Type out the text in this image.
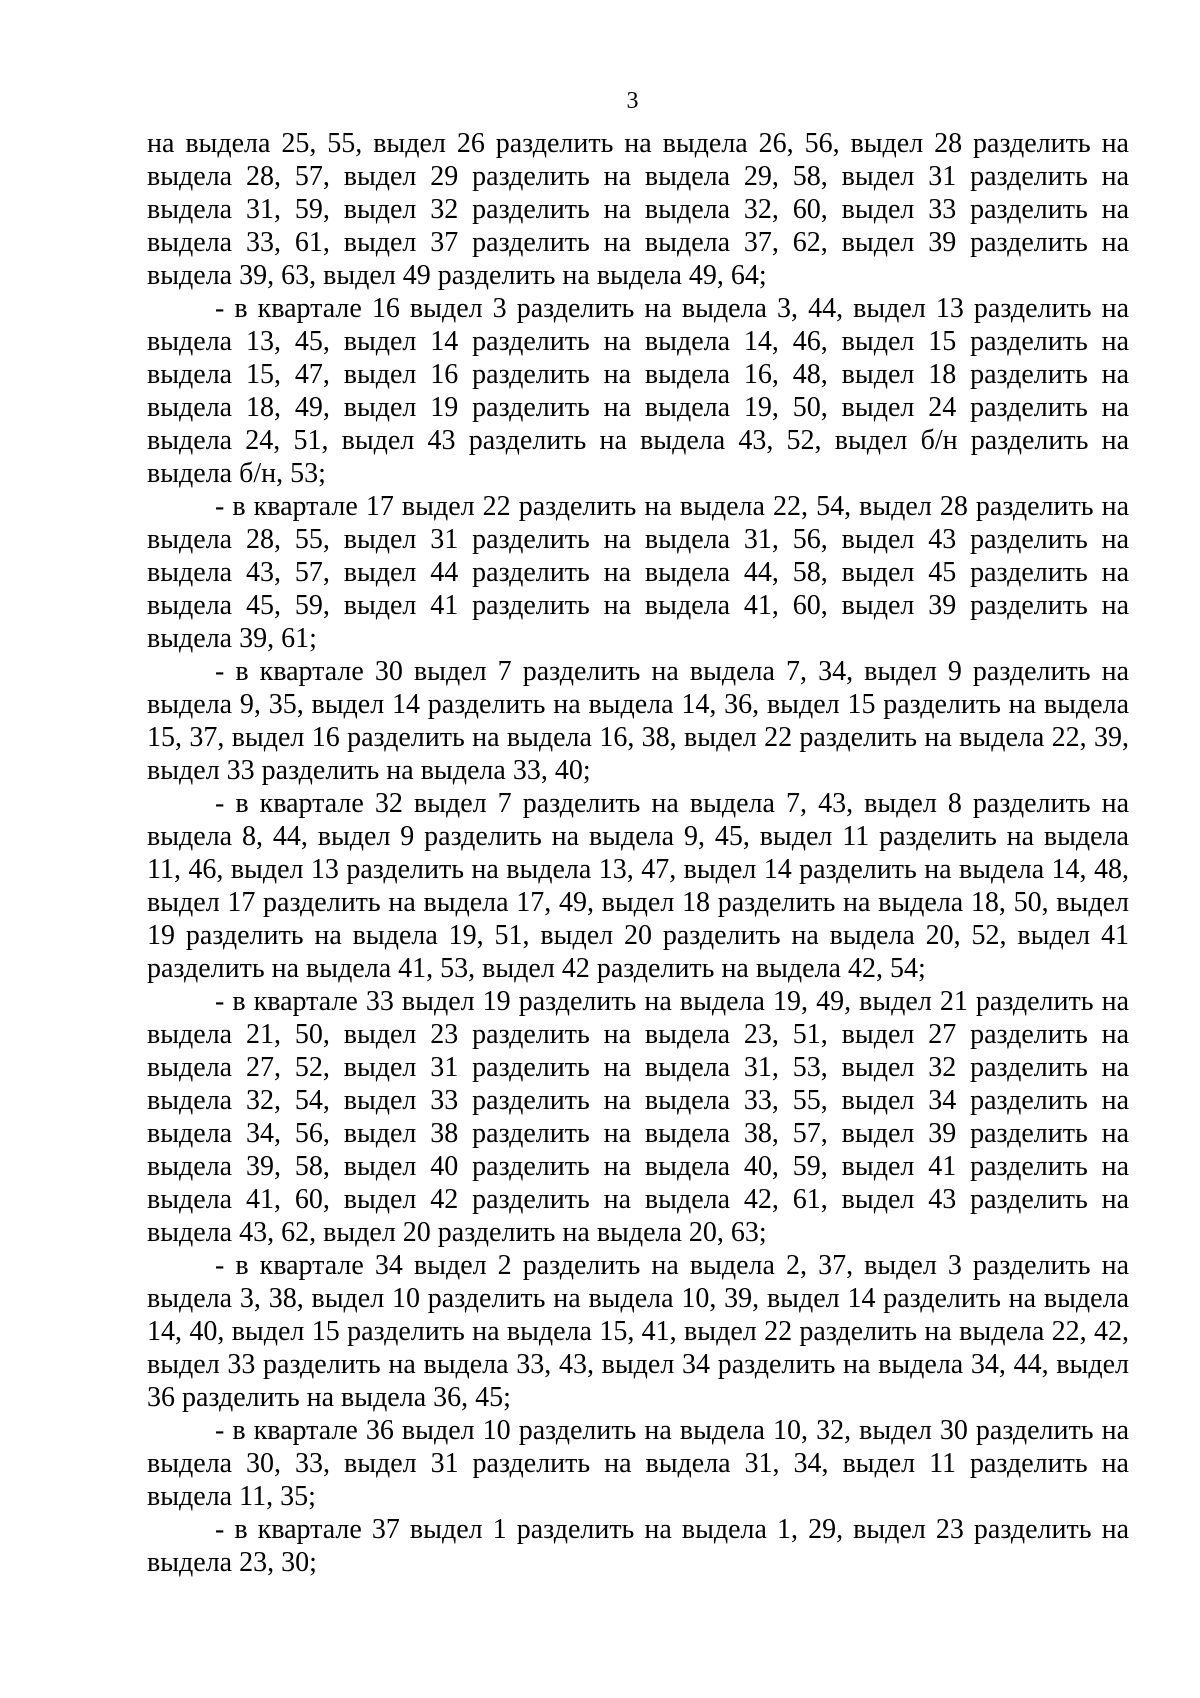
3

на выдела 25, 55, выдел 26 разделить на выдела 26, 56, выдел 28 разделить на выдела 28, 57, выдел 29 разделить на выдела 29, 58, выдел 31 разделить на выдела 31, 59, выдел 32 разделить на выдела 32, 60, выдел 33 разделить на выдела 33, 61, выдел 37 разделить на выдела 37, 62, выдел 39 разделить на выдела 39, 63, выдел 49 разделить на выдела 49, 64;

- в квартале 16 выдел 3 разделить на выдела 3, 44, выдел 13 разделить на выдела 13, 45, выдел 14 разделить на выдела 14, 46, выдел 15 разделить на выдела 15, 47, выдел 16 разделить на выдела 16, 48, выдел 18 разделить на выдела 18, 49, выдел 19 разделить на выдела 19, 50, выдел 24 разделить на выдела 24, 51, выдел 43 разделить на выдела 43, 52, выдел б/н разделить на выдела б/н, 53;

- в квартале 17 выдел 22 разделить на выдела 22, 54, выдел 28 разделить на выдела 28, 55, выдел 31 разделить на выдела 31, 56, выдел 43 разделить на выдела 43, 57, выдел 44 разделить на выдела 44, 58, выдел 45 разделить на выдела 45, 59, выдел 41 разделить на выдела 41, 60, выдел 39 разделить на выдела 39, 61;

- в квартале 30 выдел 7 разделить на выдела 7, 34, выдел 9 разделить на выдела 9, 35, выдел 14 разделить на выдела 14, 36, выдел 15 разделить на выдела 15, 37, выдел 16 разделить на выдела 16, 38, выдел 22 разделить на выдела 22, 39, выдел 33 разделить на выдела 33, 40;

- в квартале 32 выдел 7 разделить на выдела 7, 43, выдел 8 разделить на выдела 8, 44, выдел 9 разделить на выдела 9, 45, выдел 11 разделить на выдела 11, 46, выдел 13 разделить на выдела 13, 47, выдел 14 разделить на выдела 14, 48, выдел 17 разделить на выдела 17, 49, выдел 18 разделить на выдела 18, 50, выдел 19 разделить на выдела 19, 51, выдел 20 разделить на выдела 20, 52, выдел 41 разделить на выдела 41, 53, выдел 42 разделить на выдела 42, 54;

- в квартале 33 выдел 19 разделить на выдела 19, 49, выдел 21 разделить на выдела 21, 50, выдел 23 разделить на выдела 23, 51, выдел 27 разделить на выдела 27, 52, выдел 31 разделить на выдела 31, 53, выдел 32 разделить на выдела 32, 54, выдел 33 разделить на выдела 33, 55, выдел 34 разделить на выдела 34, 56, выдел 38 разделить на выдела 38, 57, выдел 39 разделить на выдела 39, 58, выдел 40 разделить на выдела 40, 59, выдел 41 разделить на выдела 41, 60, выдел 42 разделить на выдела 42, 61, выдел 43 разделить на выдела 43, 62, выдел 20 разделить на выдела 20, 63;

- в квартале 34 выдел 2 разделить на выдела 2, 37, выдел 3 разделить на выдела 3, 38, выдел 10 разделить на выдела 10, 39, выдел 14 разделить на выдела 14, 40, выдел 15 разделить на выдела 15, 41, выдел 22 разделить на выдела 22, 42, выдел 33 разделить на выдела 33, 43, выдел 34 разделить на выдела 34, 44, выдел 36 разделить на выдела 36, 45;

- в квартале 36 выдел 10 разделить на выдела 10, 32, выдел 30 разделить на выдела 30, 33, выдел 31 разделить на выдела 31, 34, выдел 11 разделить на выдела 11, 35;

- в квартале 37 выдел 1 разделить на выдела 1, 29, выдел 23 разделить на выдела 23, 30;
